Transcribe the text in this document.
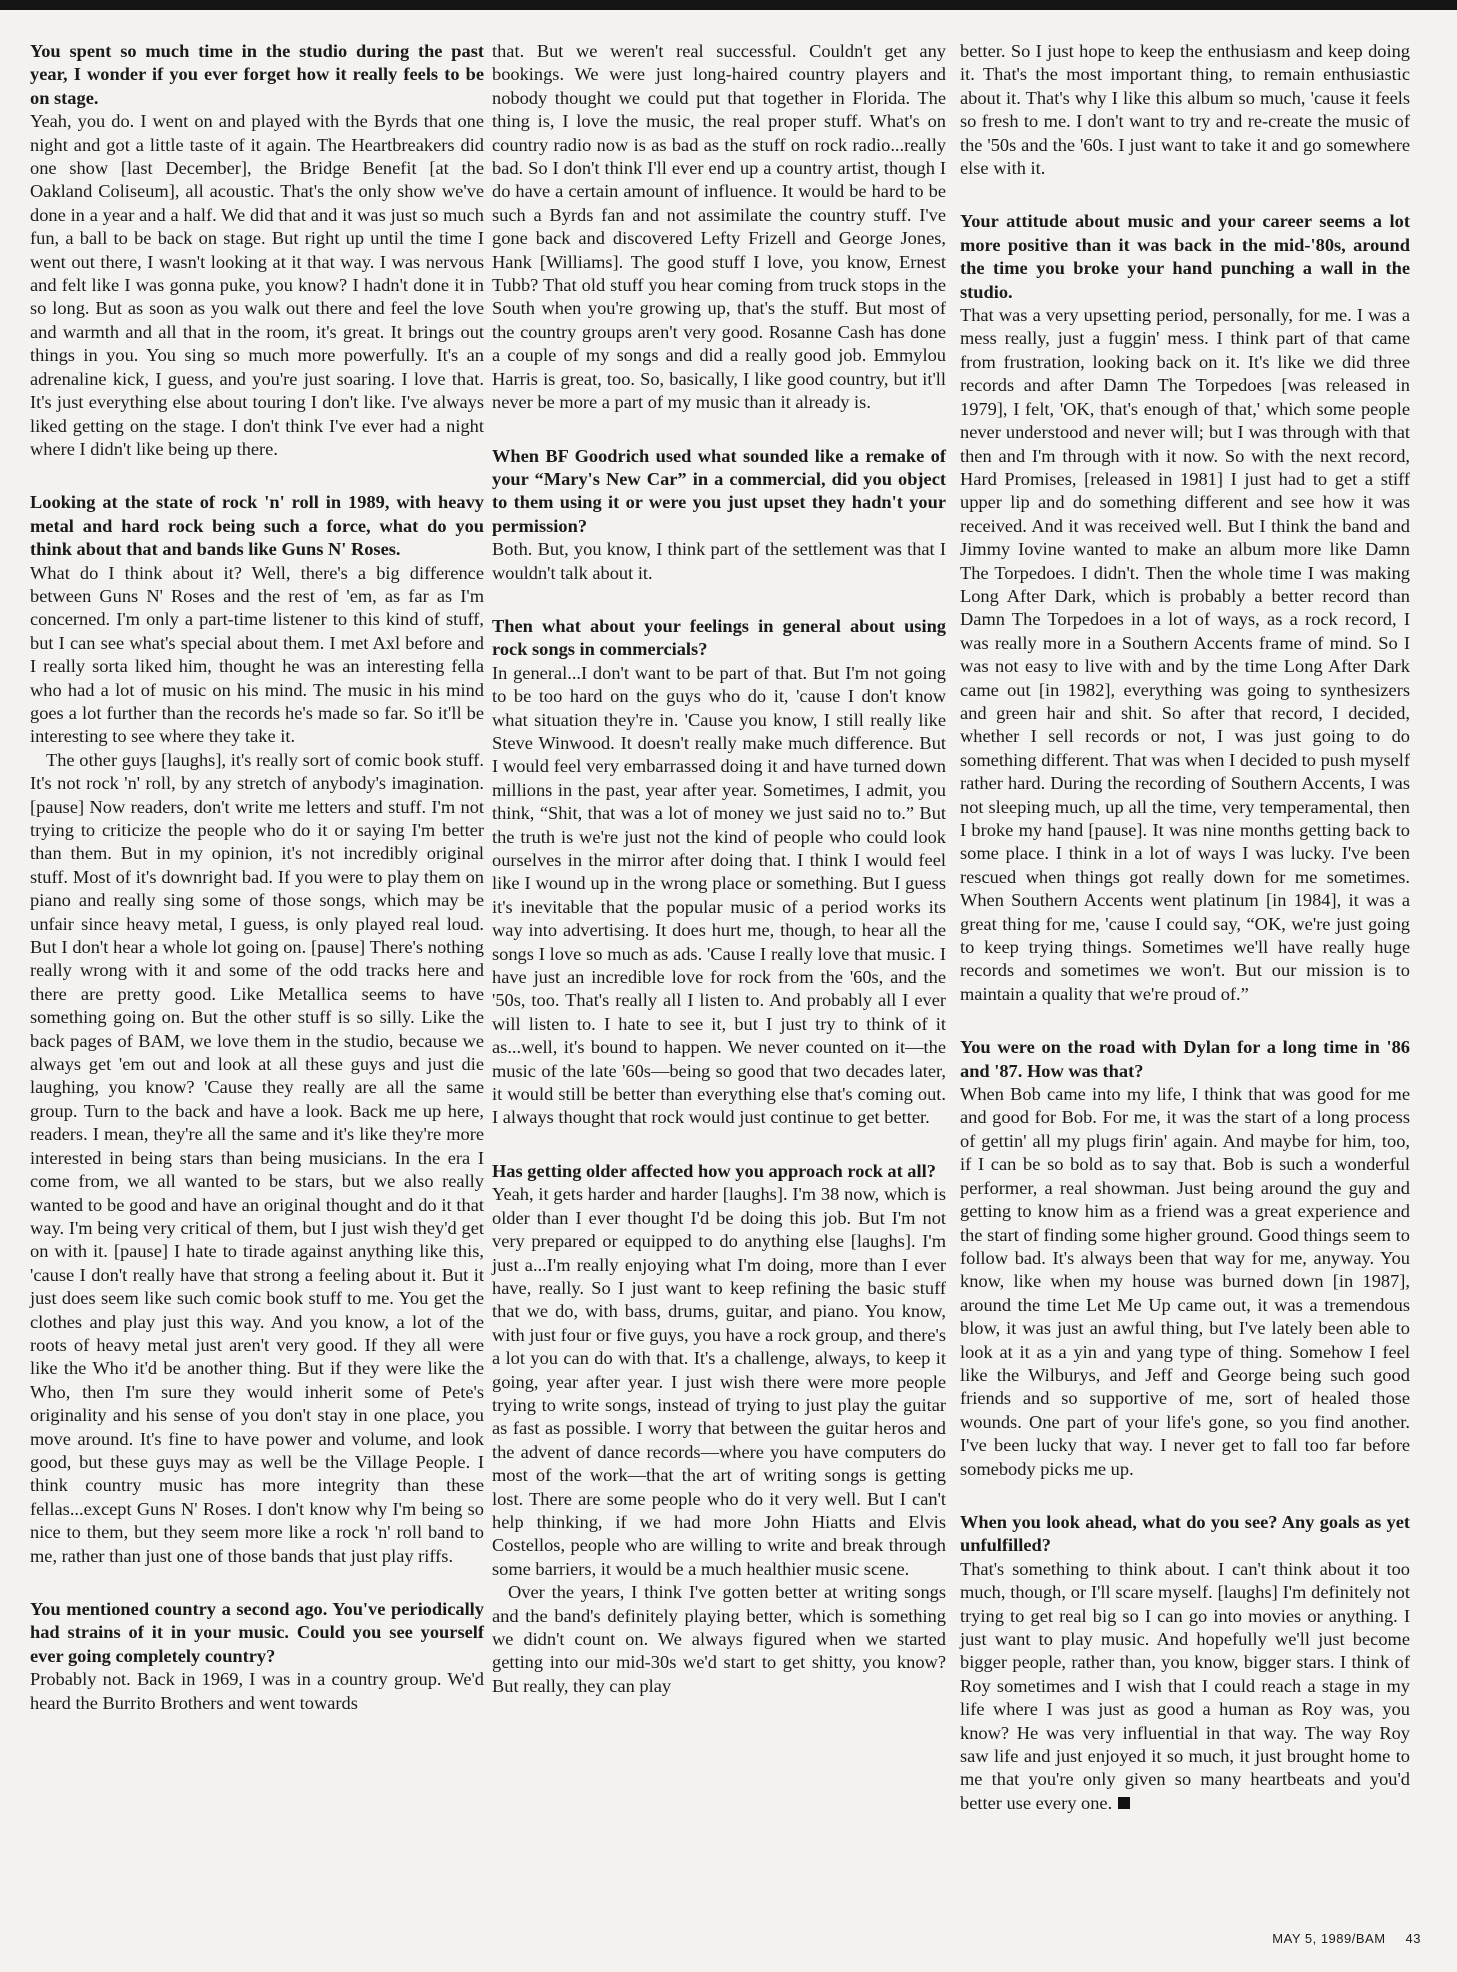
You spent so much time in the studio during the past year, I wonder if you ever forget how it really feels to be on stage.

Yeah, you do. I went on and played with the Byrds that one night and got a little taste of it again. The Heartbreakers did one show [last December], the Bridge Benefit [at the Oakland Coliseum], all acoustic. That's the only show we've done in a year and a half. We did that and it was just so much fun, a ball to be back on stage. But right up until the time I went out there, I wasn't looking at it that way. I was nervous and felt like I was gonna puke, you know? I hadn't done it in so long. But as soon as you walk out there and feel the love and warmth and all that in the room, it's great. It brings out things in you. You sing so much more powerfully. It's an adrenaline kick, I guess, and you're just soaring. I love that. It's just everything else about touring I don't like. I've always liked getting on the stage. I don't think I've ever had a night where I didn't like being up there.

Looking at the state of rock 'n' roll in 1989, with heavy metal and hard rock being such a force, what do you think about that and bands like Guns N' Roses.

What do I think about it? Well, there's a big difference between Guns N' Roses and the rest of 'em, as far as I'm concerned. I'm only a part-time listener to this kind of stuff, but I can see what's special about them. I met Axl before and I really sorta liked him, thought he was an interesting fella who had a lot of music on his mind. The music in his mind goes a lot further than the records he's made so far. So it'll be interesting to see where they take it.

The other guys [laughs], it's really sort of comic book stuff. It's not rock 'n' roll, by any stretch of anybody's imagination. [pause] Now readers, don't write me letters and stuff. I'm not trying to criticize the people who do it or saying I'm better than them. But in my opinion, it's not incredibly original stuff. Most of it's downright bad. If you were to play them on piano and really sing some of those songs, which may be unfair since heavy metal, I guess, is only played real loud. But I don't hear a whole lot going on. [pause] There's nothing really wrong with it and some of the odd tracks here and there are pretty good. Like Metallica seems to have something going on. But the other stuff is so silly. Like the back pages of BAM, we love them in the studio, because we always get 'em out and look at all these guys and just die laughing, you know? 'Cause they really are all the same group. Turn to the back and have a look. Back me up here, readers. I mean, they're all the same and it's like they're more interested in being stars than being musicians. In the era I come from, we all wanted to be stars, but we also really wanted to be good and have an original thought and do it that way. I'm being very critical of them, but I just wish they'd get on with it. [pause] I hate to tirade against anything like this, 'cause I don't really have that strong a feeling about it. But it just does seem like such comic book stuff to me. You get the clothes and play just this way. And you know, a lot of the roots of heavy metal just aren't very good. If they all were like the Who it'd be another thing. But if they were like the Who, then I'm sure they would inherit some of Pete's originality and his sense of you don't stay in one place, you move around. It's fine to have power and volume, and look good, but these guys may as well be the Village People. I think country music has more integrity than these fellas...except Guns N' Roses. I don't know why I'm being so nice to them, but they seem more like a rock 'n' roll band to me, rather than just one of those bands that just play riffs.

You mentioned country a second ago. You've periodically had strains of it in your music. Could you see yourself ever going completely country?

Probably not. Back in 1969, I was in a country group. We'd heard the Burrito Brothers and went towards

that. But we weren't real successful. Couldn't get any bookings. We were just long-haired country players and nobody thought we could put that together in Florida. The thing is, I love the music, the real proper stuff. What's on country radio now is as bad as the stuff on rock radio...really bad. So I don't think I'll ever end up a country artist, though I do have a certain amount of influence. It would be hard to be such a Byrds fan and not assimilate the country stuff. I've gone back and discovered Lefty Frizell and George Jones, Hank [Williams]. The good stuff I love, you know, Ernest Tubb? That old stuff you hear coming from truck stops in the South when you're growing up, that's the stuff. But most of the country groups aren't very good. Rosanne Cash has done a couple of my songs and did a really good job. Emmylou Harris is great, too. So, basically, I like good country, but it'll never be more a part of my music than it already is.

When BF Goodrich used what sounded like a remake of your “Mary's New Car” in a commercial, did you object to them using it or were you just upset they hadn't your permission?

Both. But, you know, I think part of the settlement was that I wouldn't talk about it.

Then what about your feelings in general about using rock songs in commercials?

In general...I don't want to be part of that. But I'm not going to be too hard on the guys who do it, 'cause I don't know what situation they're in. 'Cause you know, I still really like Steve Winwood. It doesn't really make much difference. But I would feel very embarrassed doing it and have turned down millions in the past, year after year. Sometimes, I admit, you think, “Shit, that was a lot of money we just said no to.” But the truth is we're just not the kind of people who could look ourselves in the mirror after doing that. I think I would feel like I wound up in the wrong place or something. But I guess it's inevitable that the popular music of a period works its way into advertising. It does hurt me, though, to hear all the songs I love so much as ads. 'Cause I really love that music. I have just an incredible love for rock from the '60s, and the '50s, too. That's really all I listen to. And probably all I ever will listen to. I hate to see it, but I just try to think of it as...well, it's bound to happen. We never counted on it—the music of the late '60s—being so good that two decades later, it would still be better than everything else that's coming out. I always thought that rock would just continue to get better.

Has getting older affected how you approach rock at all?

Yeah, it gets harder and harder [laughs]. I'm 38 now, which is older than I ever thought I'd be doing this job. But I'm not very prepared or equipped to do anything else [laughs]. I'm just a...I'm really enjoying what I'm doing, more than I ever have, really. So I just want to keep refining the basic stuff that we do, with bass, drums, guitar, and piano. You know, with just four or five guys, you have a rock group, and there's a lot you can do with that. It's a challenge, always, to keep it going, year after year. I just wish there were more people trying to write songs, instead of trying to just play the guitar as fast as possible. I worry that between the guitar heros and the advent of dance records—where you have computers do most of the work—that the art of writing songs is getting lost. There are some people who do it very well. But I can't help thinking, if we had more John Hiatts and Elvis Costellos, people who are willing to write and break through some barriers, it would be a much healthier music scene.

Over the years, I think I've gotten better at writing songs and the band's definitely playing better, which is something we didn't count on. We always figured when we started getting into our mid-30s we'd start to get shitty, you know? But really, they can play

better. So I just hope to keep the enthusiasm and keep doing it. That's the most important thing, to remain enthusiastic about it. That's why I like this album so much, 'cause it feels so fresh to me. I don't want to try and re-create the music of the '50s and the '60s. I just want to take it and go somewhere else with it.

Your attitude about music and your career seems a lot more positive than it was back in the mid-'80s, around the time you broke your hand punching a wall in the studio.

That was a very upsetting period, personally, for me. I was a mess really, just a fuggin' mess. I think part of that came from frustration, looking back on it. It's like we did three records and after Damn The Torpedoes [was released in 1979], I felt, 'OK, that's enough of that,' which some people never understood and never will; but I was through with that then and I'm through with it now. So with the next record, Hard Promises, [released in 1981] I just had to get a stiff upper lip and do something different and see how it was received. And it was received well. But I think the band and Jimmy Iovine wanted to make an album more like Damn The Torpedoes. I didn't. Then the whole time I was making Long After Dark, which is probably a better record than Damn The Torpedoes in a lot of ways, as a rock record, I was really more in a Southern Accents frame of mind. So I was not easy to live with and by the time Long After Dark came out [in 1982], everything was going to synthesizers and green hair and shit. So after that record, I decided, whether I sell records or not, I was just going to do something different. That was when I decided to push myself rather hard. During the recording of Southern Accents, I was not sleeping much, up all the time, very temperamental, then I broke my hand [pause]. It was nine months getting back to some place. I think in a lot of ways I was lucky. I've been rescued when things got really down for me sometimes. When Southern Accents went platinum [in 1984], it was a great thing for me, 'cause I could say, “OK, we're just going to keep trying things. Sometimes we'll have really huge records and sometimes we won't. But our mission is to maintain a quality that we're proud of.”

You were on the road with Dylan for a long time in '86 and '87. How was that?

When Bob came into my life, I think that was good for me and good for Bob. For me, it was the start of a long process of gettin' all my plugs firin' again. And maybe for him, too, if I can be so bold as to say that. Bob is such a wonderful performer, a real showman. Just being around the guy and getting to know him as a friend was a great experience and the start of finding some higher ground. Good things seem to follow bad. It's always been that way for me, anyway. You know, like when my house was burned down [in 1987], around the time Let Me Up came out, it was a tremendous blow, it was just an awful thing, but I've lately been able to look at it as a yin and yang type of thing. Somehow I feel like the Wilburys, and Jeff and George being such good friends and so supportive of me, sort of healed those wounds. One part of your life's gone, so you find another. I've been lucky that way. I never get to fall too far before somebody picks me up.

When you look ahead, what do you see? Any goals as yet unfulfilled?

That's something to think about. I can't think about it too much, though, or I'll scare myself. [laughs] I'm definitely not trying to get real big so I can go into movies or anything. I just want to play music. And hopefully we'll just become bigger people, rather than, you know, bigger stars. I think of Roy sometimes and I wish that I could reach a stage in my life where I was just as good a human as Roy was, you know? He was very influential in that way. The way Roy saw life and just enjoyed it so much, it just brought home to me that you're only given so many heartbeats and you'd better use every one.

MAY 5, 1989/BAM 43
